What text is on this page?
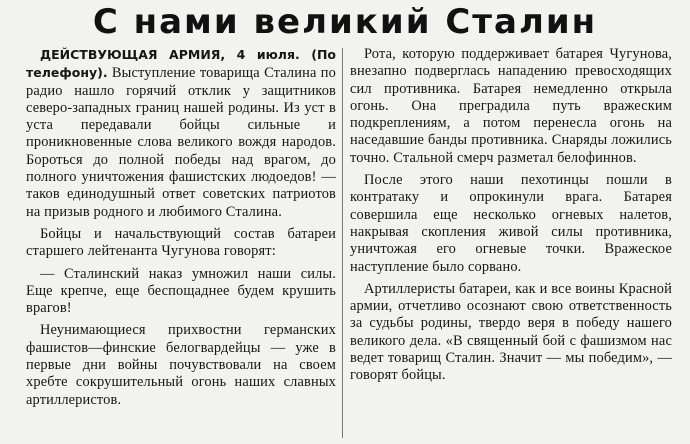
С нами великий Сталин

ДЕЙСТВУЮЩАЯ АРМИЯ, 4 июля. (По телефону). Выступление товарища Сталина по радио нашло горячий отклик у защитников северо-западных границ нашей родины. Из уст в уста передавали бойцы сильные и проникновенные слова великого вождя народов. Бороться до полной победы над врагом, до полного уничтожения фашистских людоедов! — таков единодушный ответ советских патриотов на призыв родного и любимого Сталина.

Бойцы и начальствующий состав батареи старшего лейтенанта Чугунова говорят:

— Сталинский наказ умножил наши силы. Еще крепче, еще беспощаднее будем крушить врагов!

Неунимающиеся прихвостни германских фашистов—финские белогвардейцы — уже в первые дни войны почувствовали на своем хребте сокрушительный огонь наших славных артиллеристов.

Рота, которую поддерживает батарея Чугунова, внезапно подверглась нападению превосходящих сил противника. Батарея немедленно открыла огонь. Она преградила путь вражеским подкреплениям, а потом перенесла огонь на наседавшие банды противника. Снаряды ложились точно. Стальной смерч разметал белофиннов.

После этого наши пехотинцы пошли в контратаку и опрокинули врага. Батарея совершила еще несколько огневых налетов, накрывая скопления живой силы противника, уничтожая его огневые точки. Вражеское наступление было сорвано.

Артиллеристы батареи, как и все воины Красной армии, отчетливо осознают свою ответственность за судьбы родины, твердо веря в победу нашего великого дела. «В священный бой с фашизмом нас ведет товарищ Сталин. Значит — мы победим», — говорят бойцы.
